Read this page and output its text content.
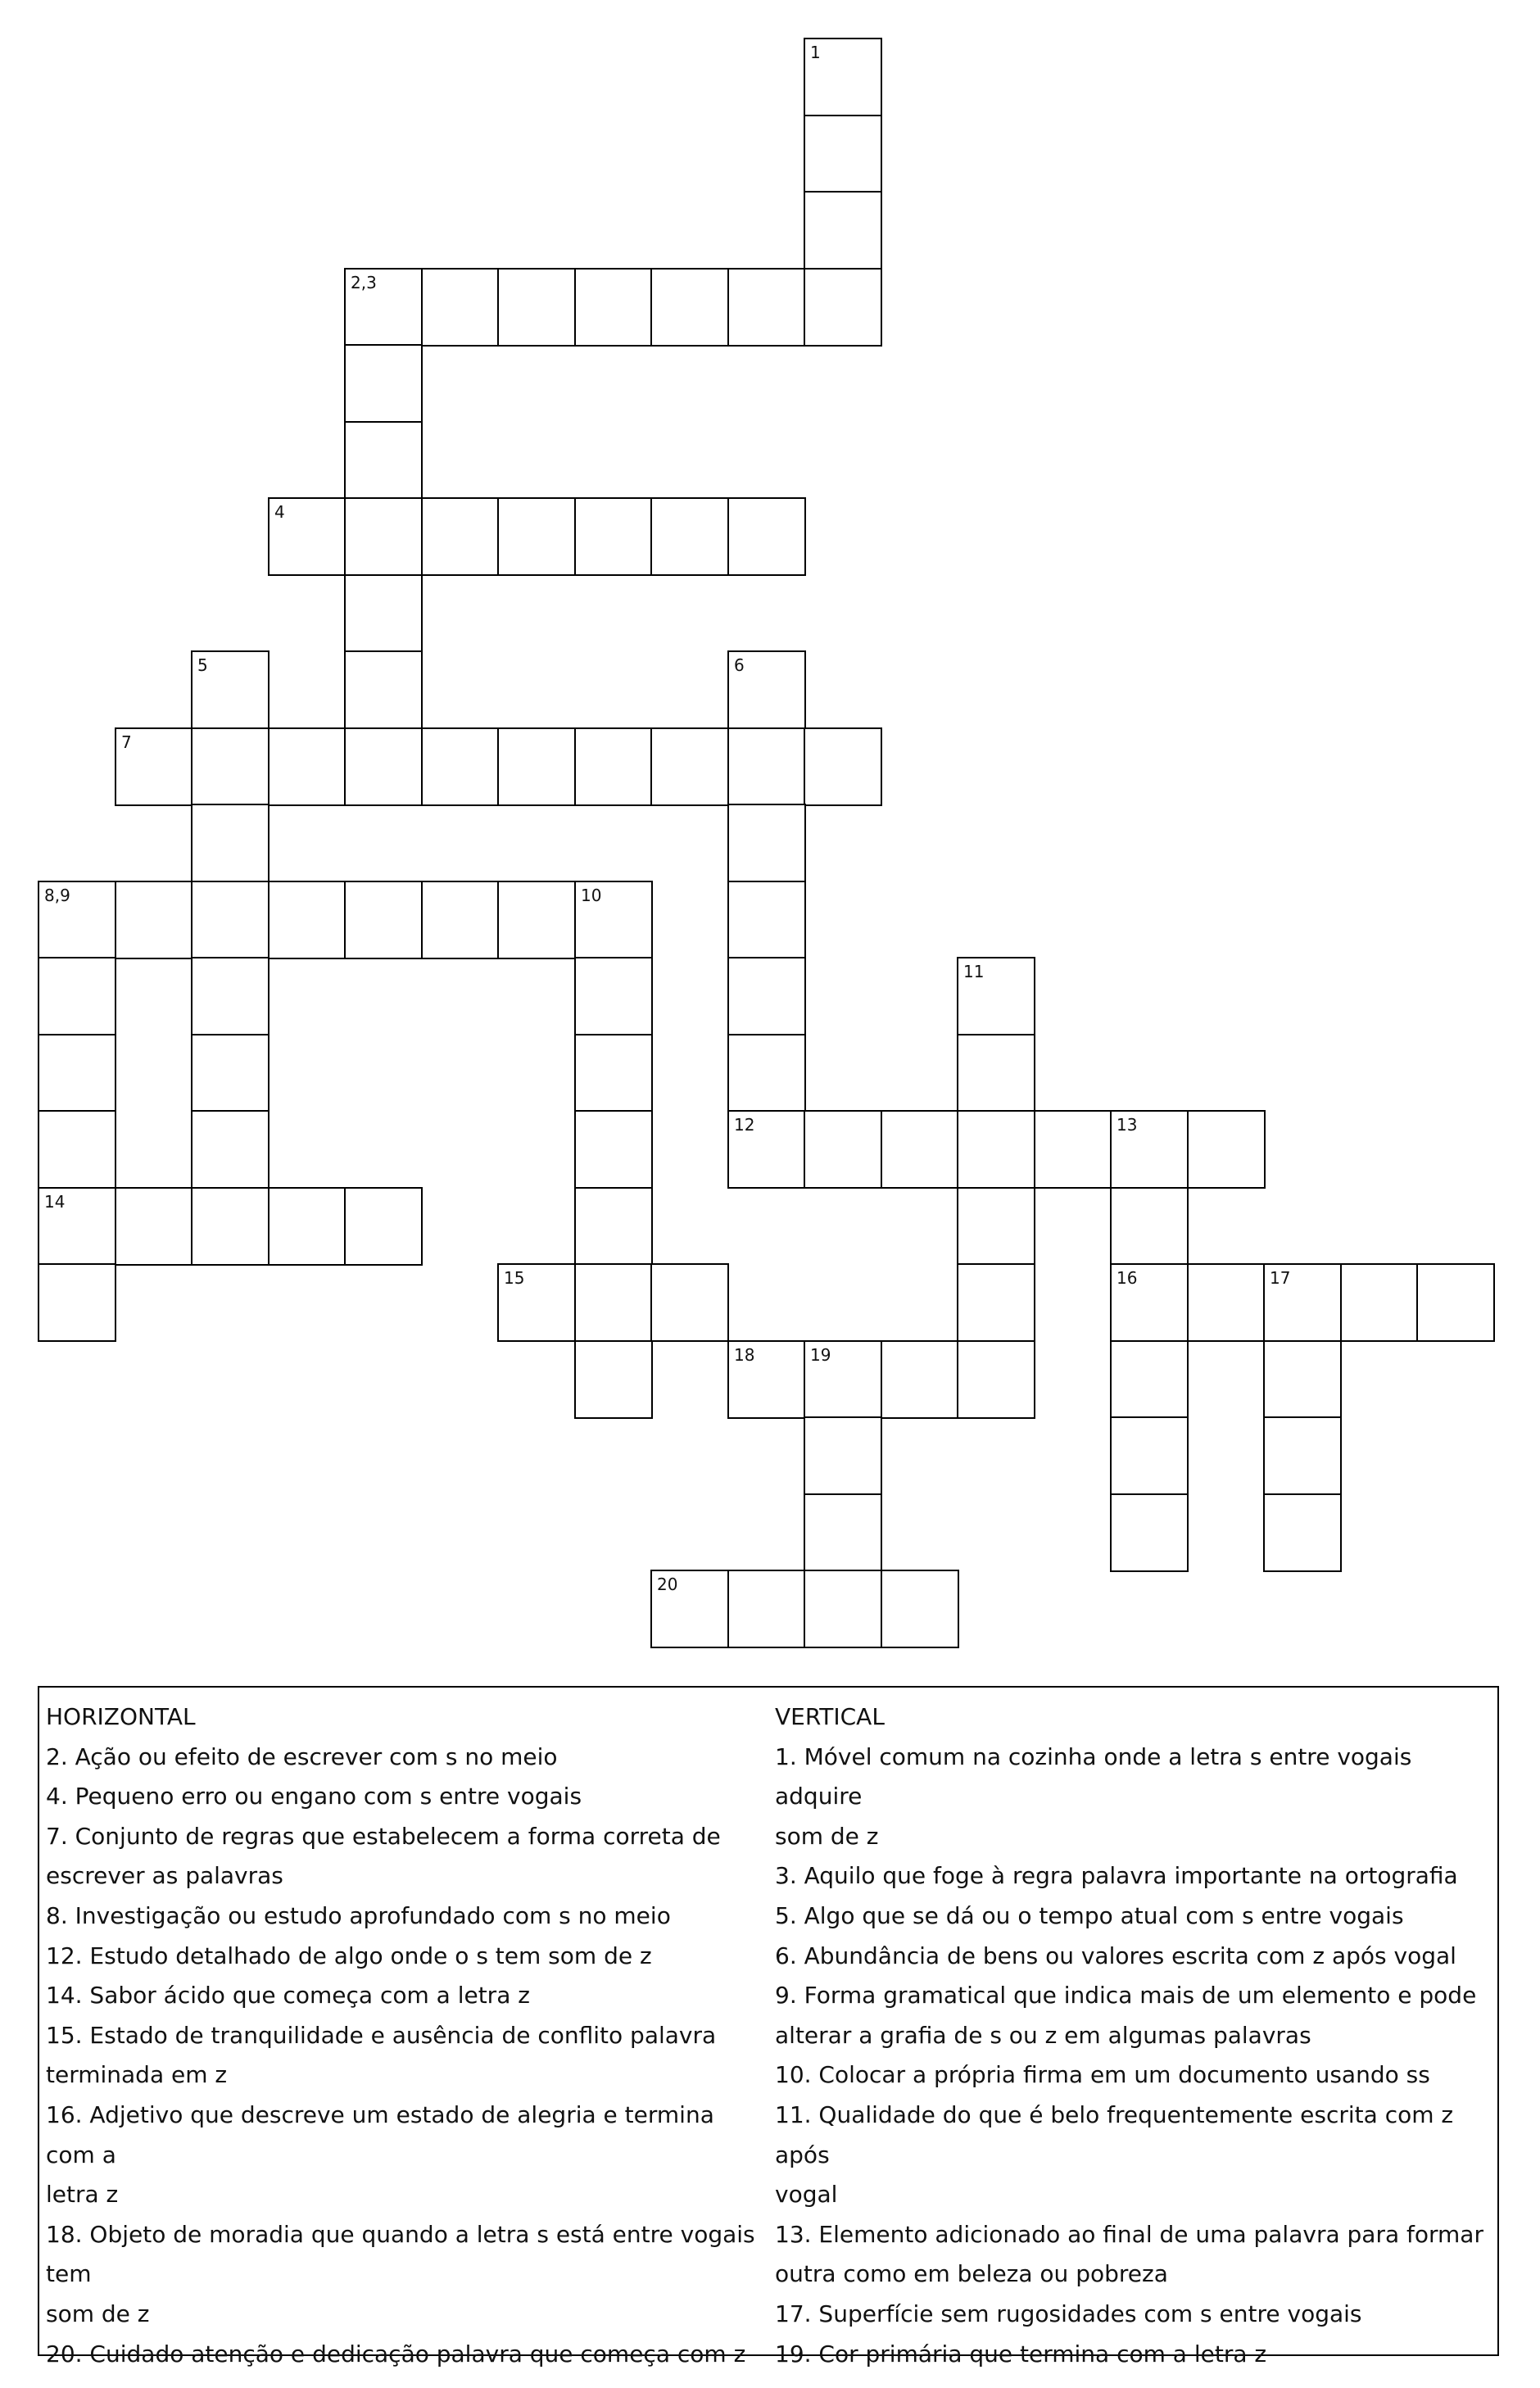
1
2,3
4
5	6
7
8,9	10
11
12	13
14
15	16	17
18	19
20
HORIZONTAL
2. Ação ou efeito de escrever com s no meio
4. Pequeno erro ou engano com s entre vogais
7. Conjunto de regras que estabelecem a forma correta de
escrever as palavras
8. Investigação ou estudo aprofundado com s no meio
12. Estudo detalhado de algo onde o s tem som de z
14. Sabor ácido que começa com a letra z
15. Estado de tranquilidade e ausência de conflito palavra
terminada em z
16. Adjetivo que descreve um estado de alegria e termina com a
letra z
18. Objeto de moradia que quando a letra s está entre vogais tem
som de z
20. Cuidado atenção e dedicação palavra que começa com z
VERTICAL
1. Móvel comum na cozinha onde a letra s entre vogais adquire
som de z
3. Aquilo que foge à regra palavra importante na ortografia
5. Algo que se dá ou o tempo atual com s entre vogais
6. Abundância de bens ou valores escrita com z após vogal
9. Forma gramatical que indica mais de um elemento e pode
alterar a grafia de s ou z em algumas palavras
10. Colocar a própria firma em um documento usando ss
11. Qualidade do que é belo frequentemente escrita com z após
vogal
13. Elemento adicionado ao final de uma palavra para formar
outra como em beleza ou pobreza
17. Superfície sem rugosidades com s entre vogais
19. Cor primária que termina com a letra z
